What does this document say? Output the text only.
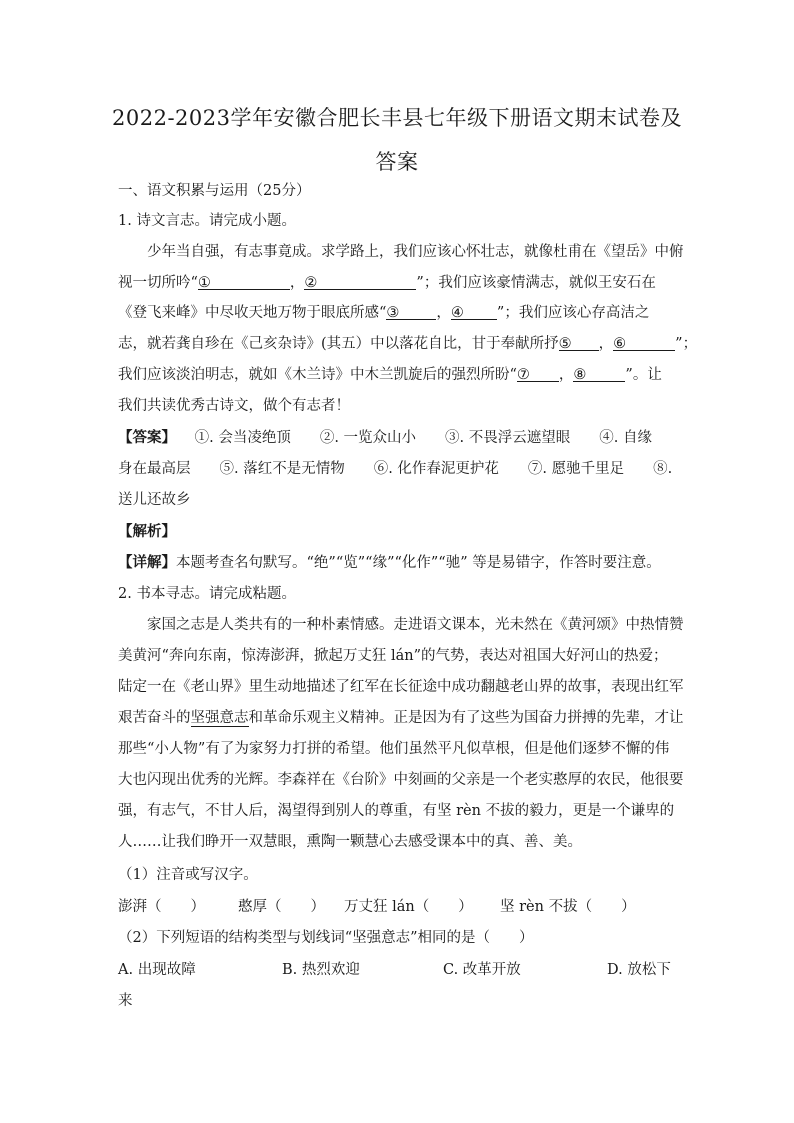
2022-2023学年安徽合肥长丰县七年级下册语文期末试卷及
答案
一、语文积累与运用（25分）
1. 诗文言志。请完成小题。
少年当自强，有志事竟成。求学路上，我们应该心怀壮志，就像杜甫在《望岳》中俯
视一切所吟“①	，②	”；我们应该豪情满志，就似王安石在
《登飞来峰》中尽收天地万物于眼底所感“③	，④ ”；我们应该心存高洁之
志，就若龚自珍在《己亥杂诗》(其五）中以落花自比，甘于奉献所抒⑤ ，⑥	”；
我们应该淡泊明志，就如《木兰诗》中木兰凯旋后的强烈所盼“⑦ ，⑧	”。让
我们共读优秀古诗文，做个有志者！
【答案】 ①. 会当凌绝顶　　②. 一览众山小　　③. 不畏浮云遮望眼　　④. 自缘
身在最高层　　⑤. 落红不是无情物　　⑥. 化作春泥更护花　　⑦. 愿驰千里足　　⑧.
送儿还故乡
【解析】
【详解】本题考查名句默写。“绝”“览”“缘”“化作”“驰” 等是易错字，作答时要注意。
2. 书本寻志。请完成粘题。
家国之志是人类共有的一种朴素情感。走进语文课本，光未然在《黄河颂》中热情赞
美黄河“奔向东南，惊涛澎湃，掀起万丈狂 lán”的气势，表达对祖国大好河山的热爱；
陆定一在《老山界》里生动地描述了红军在长征途中成功翻越老山界的故事，表现出红军
艰苦奋斗的坚强意志和革命乐观主义精神。正是因为有了这些为国奋力拼搏的先辈，才让
那些“小人物”有了为家努力打拼的希望。他们虽然平凡似草根，但是他们逐梦不懈的伟
大也闪现出优秀的光辉。李森祥在《台阶》中刻画的父亲是一个老实憨厚的农民，他很要
强，有志气，不甘人后，渴望得到别人的尊重，有坚 rèn 不拔的毅力，更是一个谦卑的
人……让我们睁开一双慧眼，熏陶一颗慧心去感受课本中的真、善、美。
（1）注音或写汉字。
澎湃（　　） 憨厚（　　） 万丈狂 lán（　　） 坚 rèn 不拔（　　）
（2）下列短语的结构类型与划线词“坚强意志”相同的是（　　）
A. 出现故障	B. 热烈欢迎	C. 改革开放	D. 放松下
来
